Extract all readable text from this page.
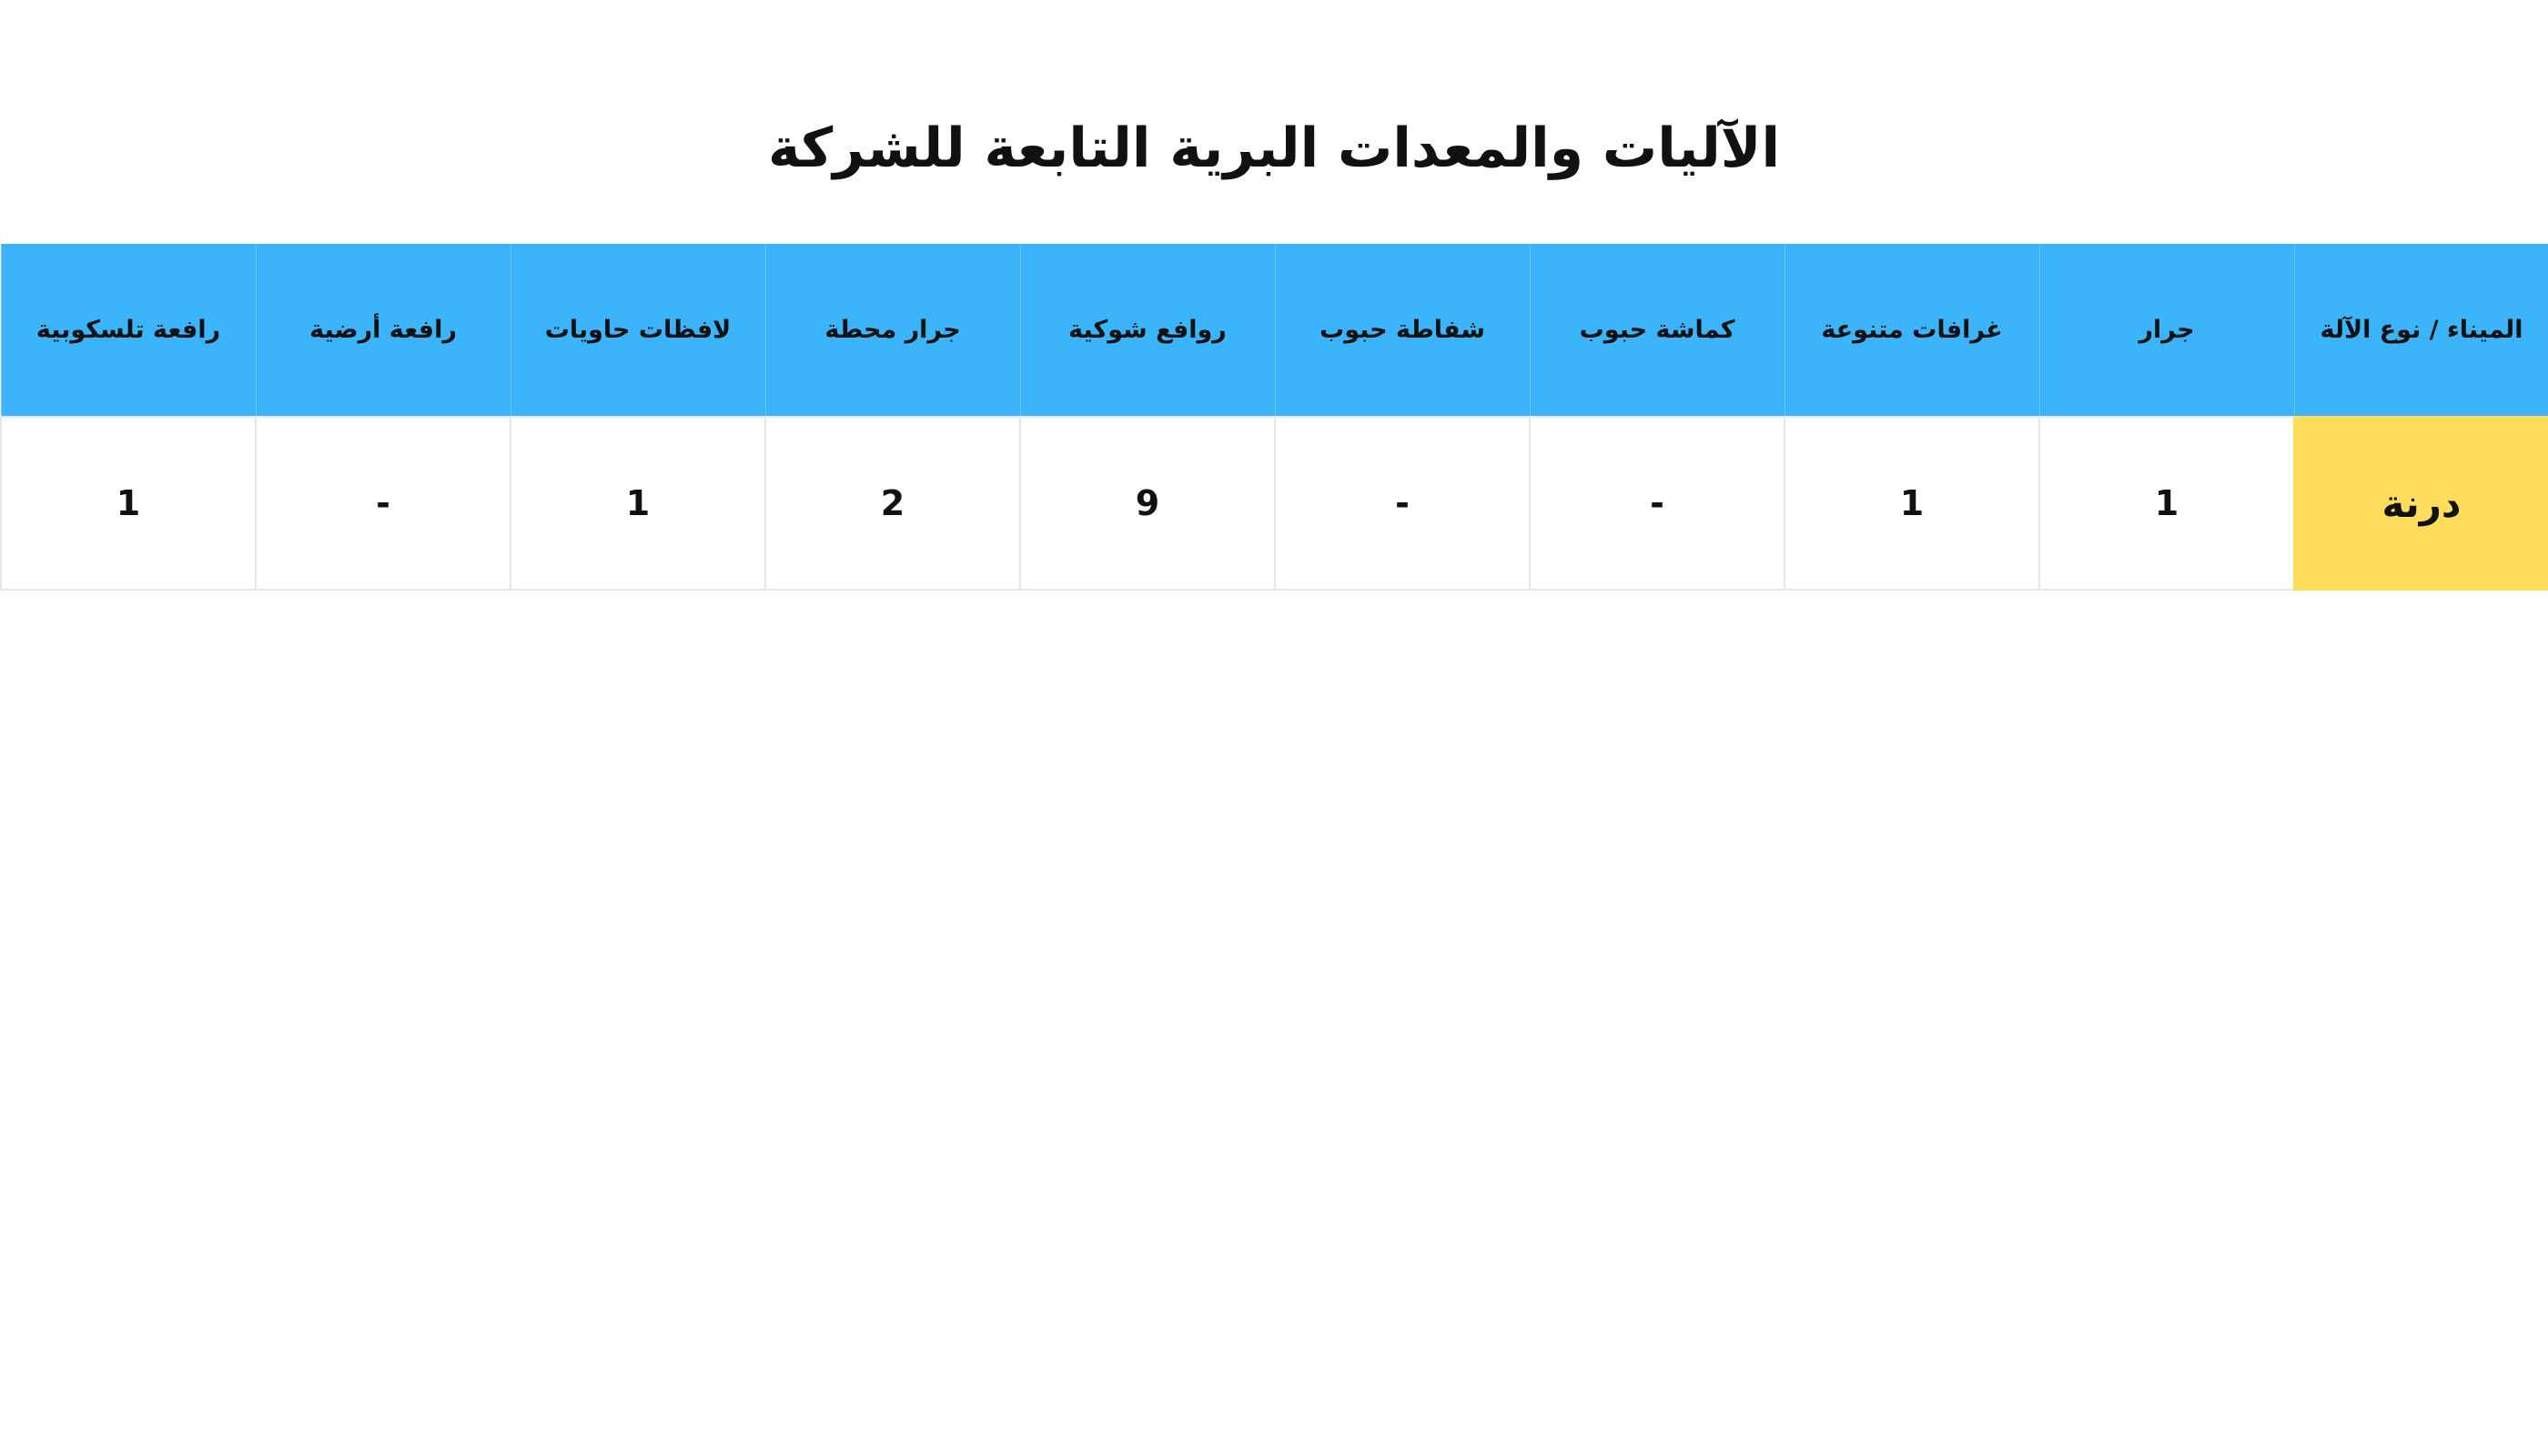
الآليات والمعدات البرية التابعة للشركة
الميناء / نوع الآلة	جرار	غرافات متنوعة	كماشة حبوب	شفاطة حبوب	روافع شوكية	جرار محطة	لافظات حاويات	رافعة أرضية	رافعة تلسكوبية
درنة	1	1	-	-	9	2	1	-	1
